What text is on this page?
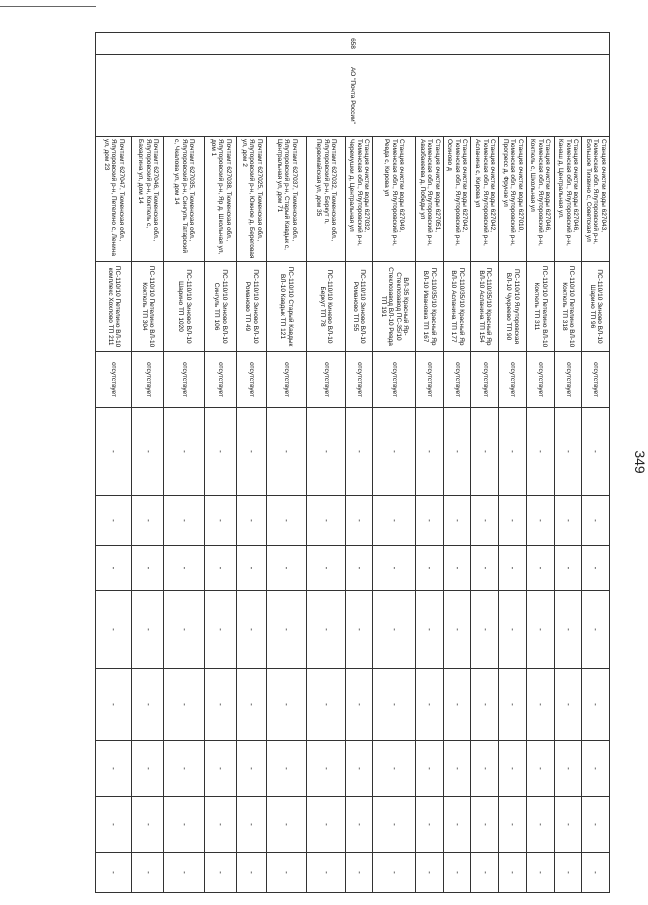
349
658	АО "Почта России"	Станция очистки воды 627043, Тюменская обл. Ялуторовский р-н, Большое Тихвино с, Советская ул	ПС-110/10 Зиново ВЛ-10 Шарино ТП 96	отсутствует	-	-	-	-	-	-	-	-
		Станция очистки воды 627046, Тюменская обл., Ялуторовский р-н, Канаш д, Центральная ул.	ПС-110/10 Петелино ВЛ-10 Коктюль ТП 318	отсутствует	-	-	-	-	-	-	-	-
		Станция очистки воды 627046, Тюменская обл., Ялуторовский р-н, Коктюль с, Школьная ул	ПС-110/10 Петелино ВЛ-10 Коктюль ТП 311	отсутствует	-	-	-	-	-	-	-	-
		Станция очистки воды 627010, Тюменская обл., Ялуторовский р-н, Прогресс д, Фрунзе ул	ПС-110/10 Ялуторовская ВЛ-10 Чукреево ТП 90	отсутствует	-	-	-	-	-	-	-	-
		Станция очистки воды 627042, Тюменская обл., Ялуторовский р-н, Асланина с, Кирова ул	ПС-110/35/10 Красный Яр ВЛ-10 Асланина ТП 154	отсутствует	-	-	-	-	-	-	-	-
		Станция очистки воды 627042, Тюменская обл., Ялуторовский р-н, Осиново д	ПС-110/35/10 Красный Яр ВЛ-10 Асланина ТП 177	отсутствует	-	-	-	-	-	-	-	-
		Станция очистки воды 627051, Тюменская обл., Ялуторовский р-н, Авазбакеева д, Победы ул	ПС-110/35/10 Красный Яр ВЛ-10 Ивановка ТП 167	отсутствует	-	-	-	-	-	-	-	-
		Станция очистки воды 627049, Тюменская обл., Ялуторовский р-н, Ревда с, Кирова ул	ВЛ-35 Красный Яр-Стеклозавод ПС-35/10 Стеклозавод ВЛ-10 Ревда ТП 191	отсутствует	-	-	-	-	-	-	-	-
		Станция очистки воды 627032, Тюменская обл., Ялуторовский р-н, Черемушки д, Центральная ул	ПС-110/10 Зиново ВЛ-10 Романово ТП 55	отсутствует	-	-	-	-	-	-	-	-
		Почтамт 627032, Тюменская обл., Ялуторовский р-н, Беркут п, Первомайская ул, дом 35	ПС-110/10 Кинево ВЛ-10 Беркут ТП 78	отсутствует	-	-	-	-	-	-	-	-
		Почтамт 627037, Тюменская обл., Ялуторовский р-н, Старый Кавдык с, Центральная ул, дом 71	ПС-110/10 Старый Кавдык ВЛ-10 Кавдык ТП 121	отсутствует	-	-	-	-	-	-	-	-
		Почтамт 627025, Тюменская обл., Ялуторовский р-н, Южное д, Береговая ул, дом 2	ПС-110/10 Зиново ВЛ-10 Романово ТП 49	отсутствует	-	-	-	-	-	-	-	-
		Почтамт 627038, Тюменская обл., Ялуторовский р-н, Яр д, Школьная ул, дом 1	ПС-110/10 Зиново ВЛ-10 Сингуль ТП 106	отсутствует	-	-	-	-	-	-	-	-
		Почтамт 627035, Тюменская обл., Ялуторовский р-н, Сингуль Татарский с, Чкалова ул, дом 14	ПС-110/10 Зиново ВЛ-10 Шарино ТП 1020	отсутствует	-	-	-	-	-	-	-	-
		Почтамт 627046, Тюменская обл., Ялуторовский р-н, Коктюль с, Бахаргина ул, дом 14	ПС-110/10 Петелино ВЛ-10 Коктюль ТП 304	отсутствует	-	-	-	-	-	-	-	-
		Почтамт 627047, Тюменская обл., Ялуторовский р-н, Петелино с, Ленина ул, дом 23	ПС-110/10 Петелино ВЛ-10 комплекс Хохлово ТП 211	отсутствует	-	-	-	-	-	-	-	-
